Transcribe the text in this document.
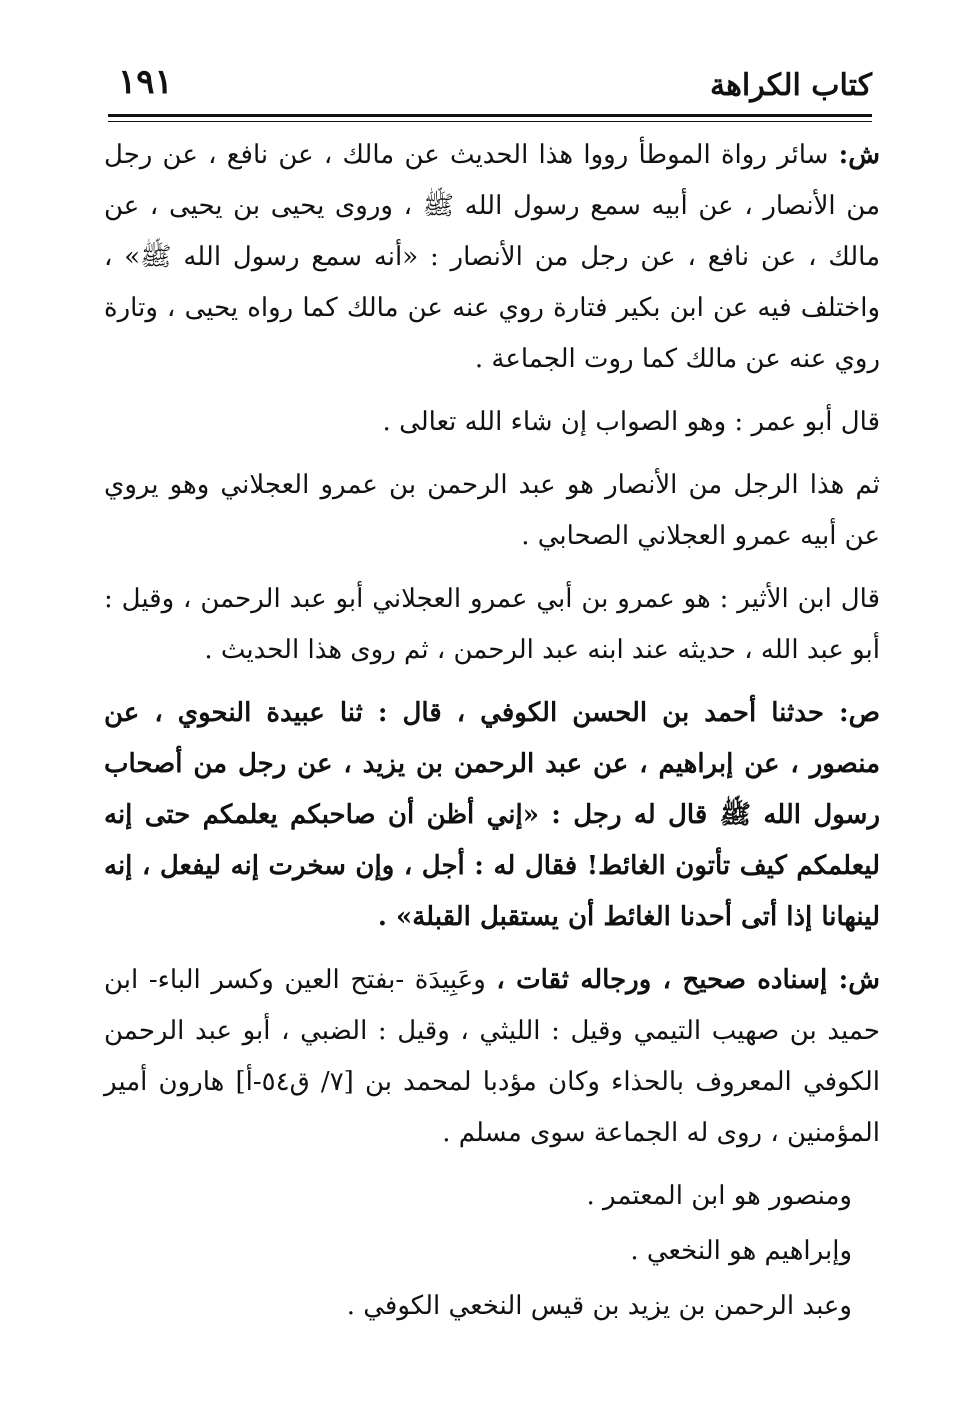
١٩١	كتاب الكراهة

ش: سائر رواة الموطأ رووا هذا الحديث عن مالك ، عن نافع ، عن رجل من الأنصار ، عن أبيه سمع رسول الله ﷺ ، وروى يحيى بن يحيى ، عن مالك ، عن نافع ، عن رجل من الأنصار : «أنه سمع رسول الله ﷺ» ، واختلف فيه عن ابن بكير فتارة روي عنه عن مالك كما رواه يحيى ، وتارة روي عنه عن مالك كما روت الجماعة .

قال أبو عمر : وهو الصواب إن شاء الله تعالى .

ثم هذا الرجل من الأنصار هو عبد الرحمن بن عمرو العجلاني وهو يروي عن أبيه عمرو العجلاني الصحابي .

قال ابن الأثير : هو عمرو بن أبي عمرو العجلاني أبو عبد الرحمن ، وقيل : أبو عبد الله ، حديثه عند ابنه عبد الرحمن ، ثم روى هذا الحديث .

ص: حدثنا أحمد بن الحسن الكوفي ، قال : ثنا عبيدة النحوي ، عن منصور ، عن إبراهيم ، عن عبد الرحمن بن يزيد ، عن رجل من أصحاب رسول الله ﷺ قال له رجل : «إني أظن أن صاحبكم يعلمكم حتى إنه ليعلمكم كيف تأتون الغائط! فقال له : أجل ، وإن سخرت إنه ليفعل ، إنه لينهانا إذا أتى أحدنا الغائط أن يستقبل القبلة» .

ش: إسناده صحيح ، ورجاله ثقات ، وعَبِيدَة -بفتح العين وكسر الباء- ابن حميد بن صهيب التيمي وقيل : الليثي ، وقيل : الضبي ، أبو عبد الرحمن الكوفي المعروف بالحذاء وكان مؤدبا لمحمد بن [٧/ ق٥٤-أ] هارون أمير المؤمنين ، روى له الجماعة سوى مسلم .

ومنصور هو ابن المعتمر .

وإبراهيم هو النخعي .

وعبد الرحمن بن يزيد بن قيس النخعي الكوفي .
